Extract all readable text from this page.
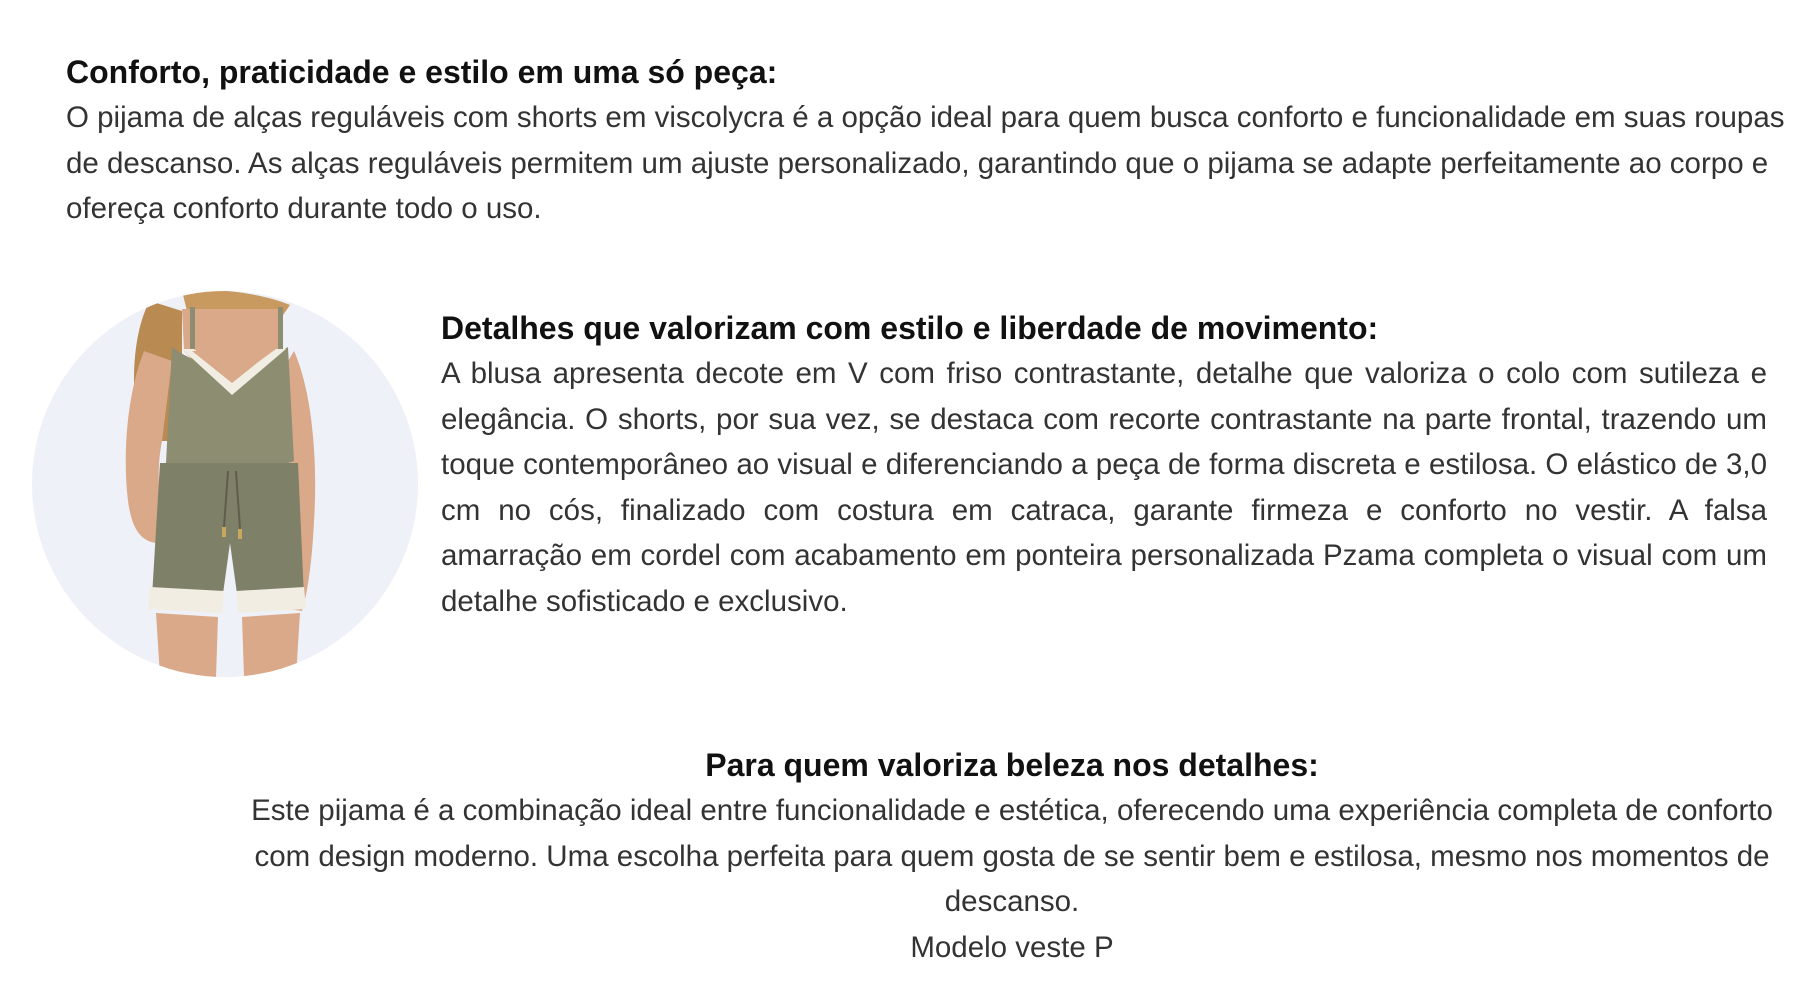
Conforto, praticidade e estilo em uma só peça:

O pijama de alças reguláveis com shorts em viscolycra é a opção ideal para quem busca conforto e funcionalidade em suas roupas de descanso. As alças reguláveis permitem um ajuste personalizado, garantindo que o pijama se adapte perfeitamente ao corpo e ofereça conforto durante todo o uso.

Detalhes que valorizam com estilo e liberdade de movimento:

A blusa apresenta decote em V com friso contrastante, detalhe que valoriza o colo com sutileza e elegância. O shorts, por sua vez, se destaca com recorte contrastante na parte frontal, trazendo um toque contemporâneo ao visual e diferenciando a peça de forma discreta e estilosa. O elástico de 3,0 cm no cós, finalizado com costura em catraca, garante firmeza e conforto no vestir. A falsa amarração em cordel com acabamento em ponteira personalizada Pzama completa o visual com um detalhe sofisticado e exclusivo.

Para quem valoriza beleza nos detalhes:

Este pijama é a combinação ideal entre funcionalidade e estética, oferecendo uma experiência completa de conforto com design moderno. Uma escolha perfeita para quem gosta de se sentir bem e estilosa, mesmo nos momentos de descanso.

Modelo veste P
